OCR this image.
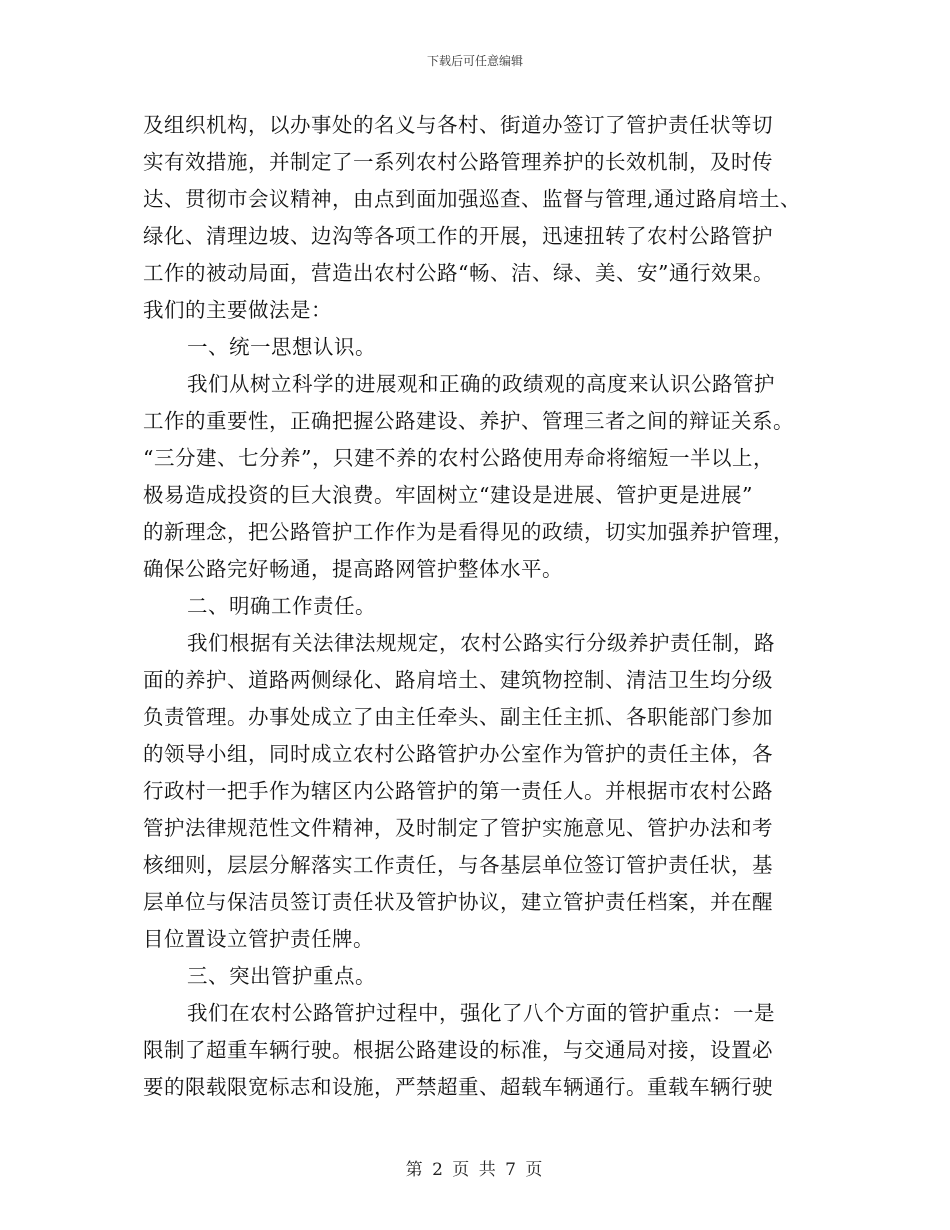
下载后可任意编辑
及组织机构，以办事处的名义与各村、街道办签订了管护责任状等切
实有效措施，并制定了一系列农村公路管理养护的长效机制，及时传
达、贯彻市会议精神，由点到面加强巡查、监督与管理,通过路肩培土、
绿化、清理边坡、边沟等各项工作的开展，迅速扭转了农村公路管护
工作的被动局面，营造出农村公路“畅、洁、绿、美、安”通行效果。
我们的主要做法是：
一、统一思想认识。
我们从树立科学的进展观和正确的政绩观的高度来认识公路管护
工作的重要性，正确把握公路建设、养护、管理三者之间的辩证关系。
“三分建、七分养”，只建不养的农村公路使用寿命将缩短一半以上，
极易造成投资的巨大浪费。牢固树立“建设是进展、管护更是进展”
的新理念，把公路管护工作作为是看得见的政绩，切实加强养护管理，
确保公路完好畅通，提高路网管护整体水平。
二、明确工作责任。
我们根据有关法律法规规定，农村公路实行分级养护责任制，路
面的养护、道路两侧绿化、路肩培土、建筑物控制、清洁卫生均分级
负责管理。办事处成立了由主任牵头、副主任主抓、各职能部门参加
的领导小组，同时成立农村公路管护办公室作为管护的责任主体，各
行政村一把手作为辖区内公路管护的第一责任人。并根据市农村公路
管护法律规范性文件精神，及时制定了管护实施意见、管护办法和考
核细则，层层分解落实工作责任，与各基层单位签订管护责任状，基
层单位与保洁员签订责任状及管护协议，建立管护责任档案，并在醒
目位置设立管护责任牌。
三、突出管护重点。
我们在农村公路管护过程中，强化了八个方面的管护重点：一是
限制了超重车辆行驶。根据公路建设的标准，与交通局对接，设置必
要的限载限宽标志和设施，严禁超重、超载车辆通行。重载车辆行驶
第 2 页 共 7 页
